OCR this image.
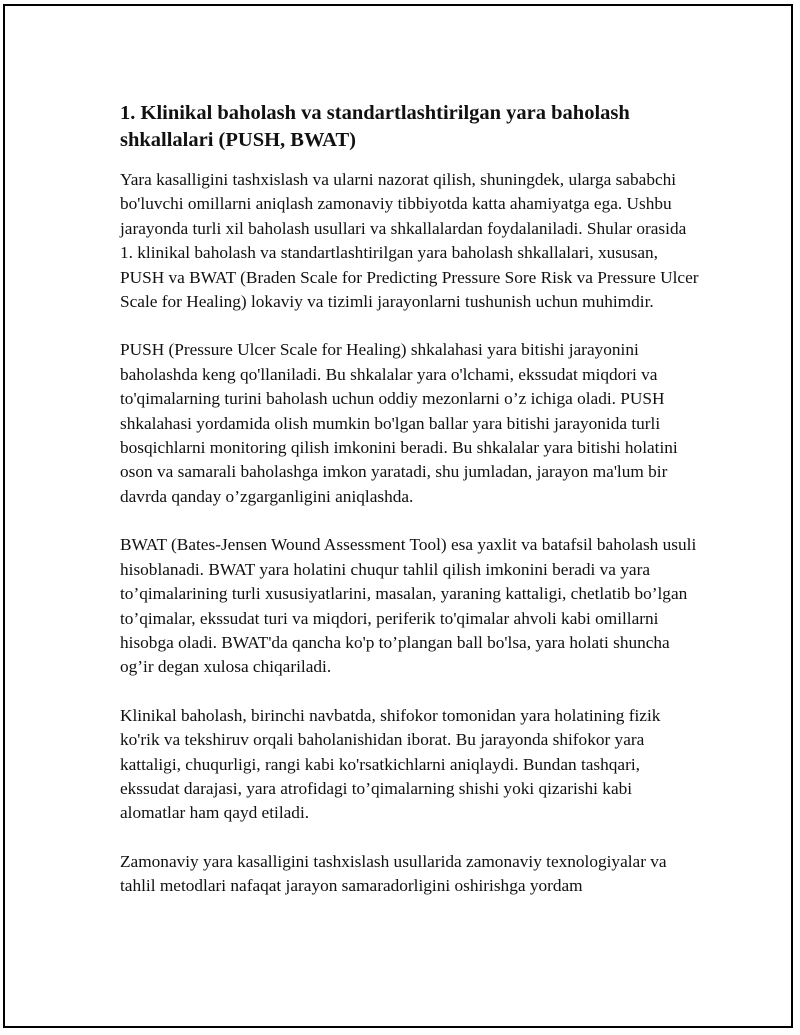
1. Klinikal baholash va standartlashtirilgan yara baholash shkallalari (PUSH, BWAT)

Yara kasalligini tashxislash va ularni nazorat qilish, shuningdek, ularga sababchi bo'luvchi omillarni aniqlash zamonaviy tibbiyotda katta ahamiyatga ega. Ushbu jarayonda turli xil baholash usullari va shkallalardan foydalaniladi. Shular orasida 1. klinikal baholash va standartlashtirilgan yara baholash shkallalari, xususan, PUSH va BWAT (Braden Scale for Predicting Pressure Sore Risk va Pressure Ulcer Scale for Healing) lokaviy va tizimli jarayonlarni tushunish uchun muhimdir.

PUSH (Pressure Ulcer Scale for Healing) shkalahasi yara bitishi jarayonini baholashda keng qo'llaniladi. Bu shkalalar yara o'lchami, ekssudat miqdori va to'qimalarning turini baholash uchun oddiy mezonlarni o’z ichiga oladi. PUSH shkalahasi yordamida olish mumkin bo'lgan ballar yara bitishi jarayonida turli bosqichlarni monitoring qilish imkonini beradi. Bu shkalalar yara bitishi holatini oson va samarali baholashga imkon yaratadi, shu jumladan, jarayon ma'lum bir davrda qanday o’zgarganligini aniqlashda.

BWAT (Bates-Jensen Wound Assessment Tool) esa yaxlit va batafsil baholash usuli hisoblanadi. BWAT yara holatini chuqur tahlil qilish imkonini beradi va yara to’qimalarining turli xususiyatlarini, masalan, yaraning kattaligi, chetlatib bo’lgan to’qimalar, ekssudat turi va miqdori, periferik to'qimalar ahvoli kabi omillarni hisobga oladi. BWAT'da qancha ko'p to’plangan ball bo'lsa, yara holati shuncha og’ir degan xulosa chiqariladi.

Klinikal baholash, birinchi navbatda, shifokor tomonidan yara holatining fizik ko'rik va tekshiruv orqali baholanishidan iborat. Bu jarayonda shifokor yara kattaligi, chuqurligi, rangi kabi ko'rsatkichlarni aniqlaydi. Bundan tashqari, ekssudat darajasi, yara atrofidagi to’qimalarning shishi yoki qizarishi kabi alomatlar ham qayd etiladi.

Zamonaviy yara kasalligini tashxislash usullarida zamonaviy texnologiyalar va tahlil metodlari nafaqat jarayon samaradorligini oshirishga yordam
